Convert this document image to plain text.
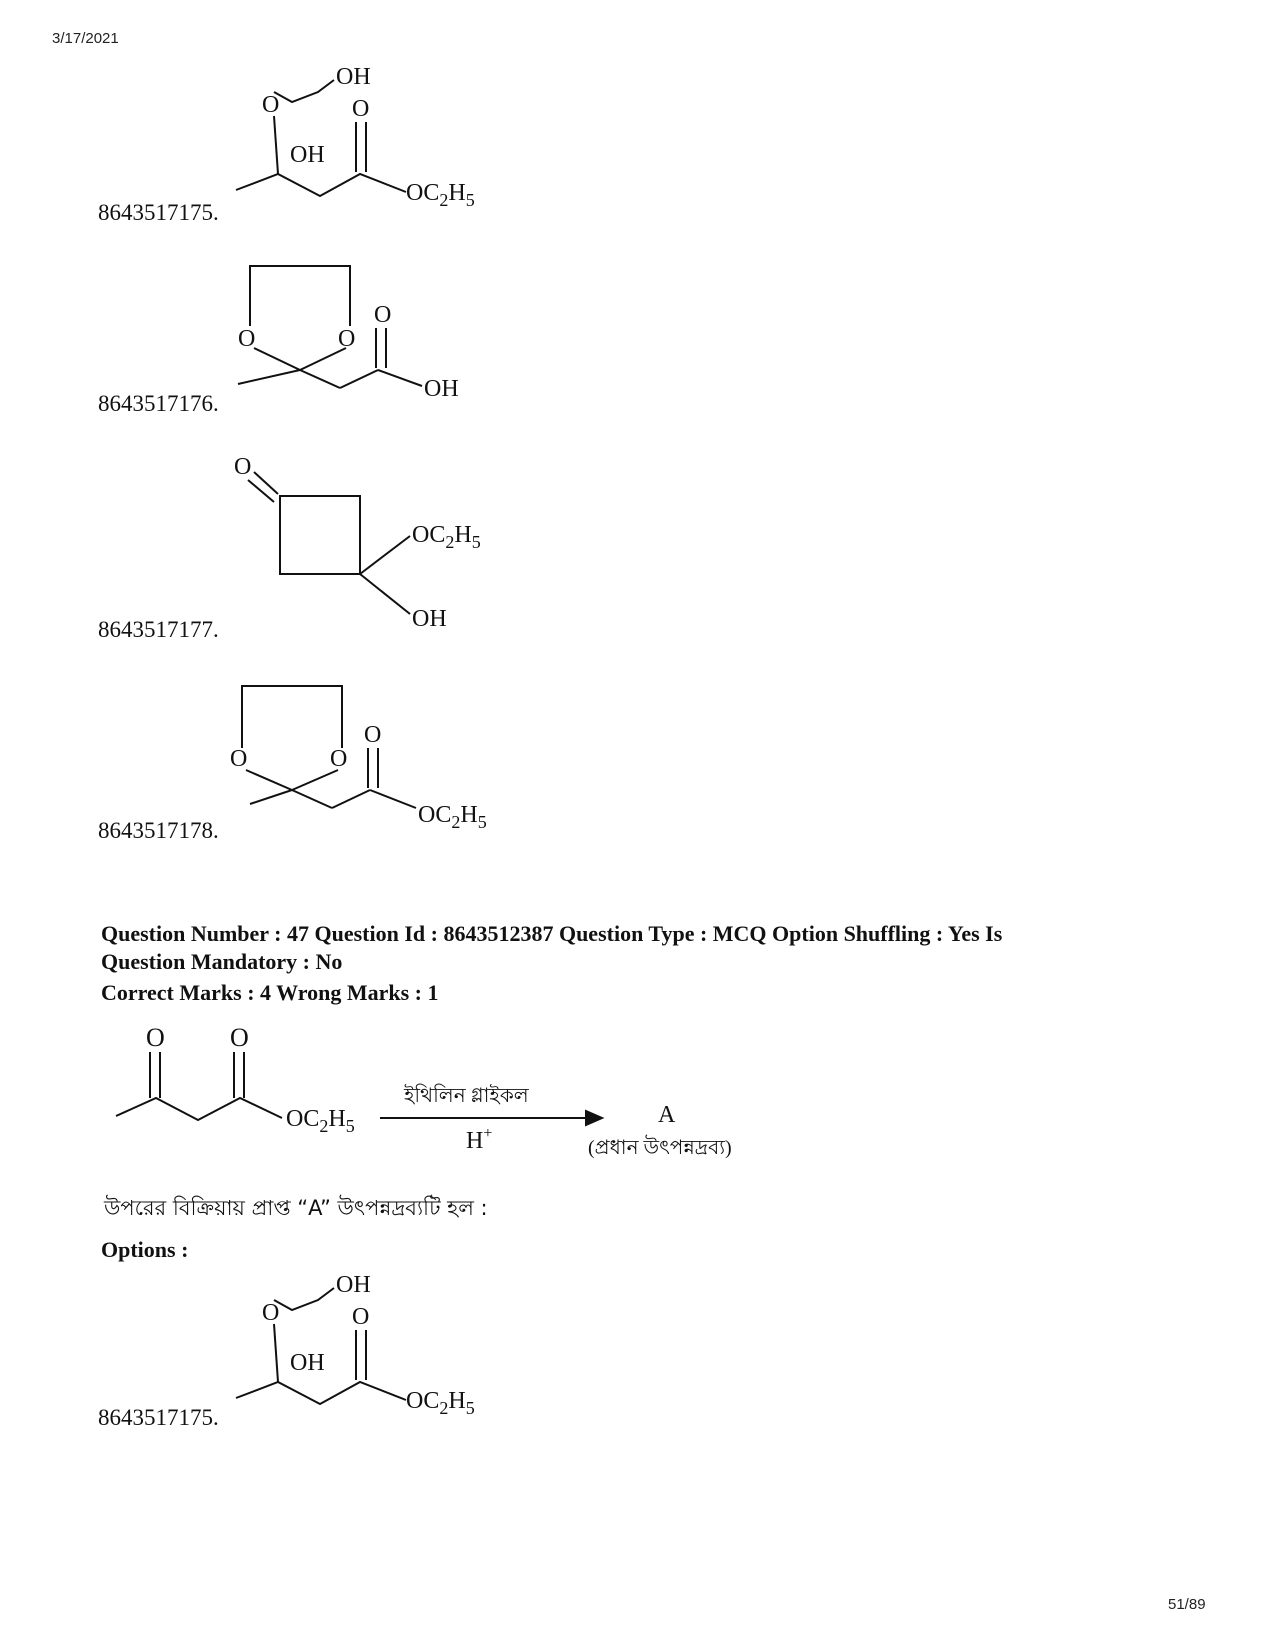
3/17/2021
8643517175.
OH
O	O
OH
$OC_2H_5$
8643517176.
O	O
O
OH
8643517177.
O
$OC_2H_5$
OH
8643517178.
O	O
O
$OC_2H_5$
Question Number : 47 Question Id : 8643512387 Question Type : MCQ Option Shuffling : Yes Is
Question Mandatory : No
Correct Marks : 4 Wrong Marks : 1
O	O
$OC_2H_5$
ইথিলিন গ্লাইকল
H+
A
(প্রধান উৎপন্নদ্রব্য)
উপরের বিক্রিয়ায় প্রাপ্ত “A” উৎপন্নদ্রব্যটি হল :
Options :
8643517175.
OH
O	O
OH
$OC_2H_5$
51/89
